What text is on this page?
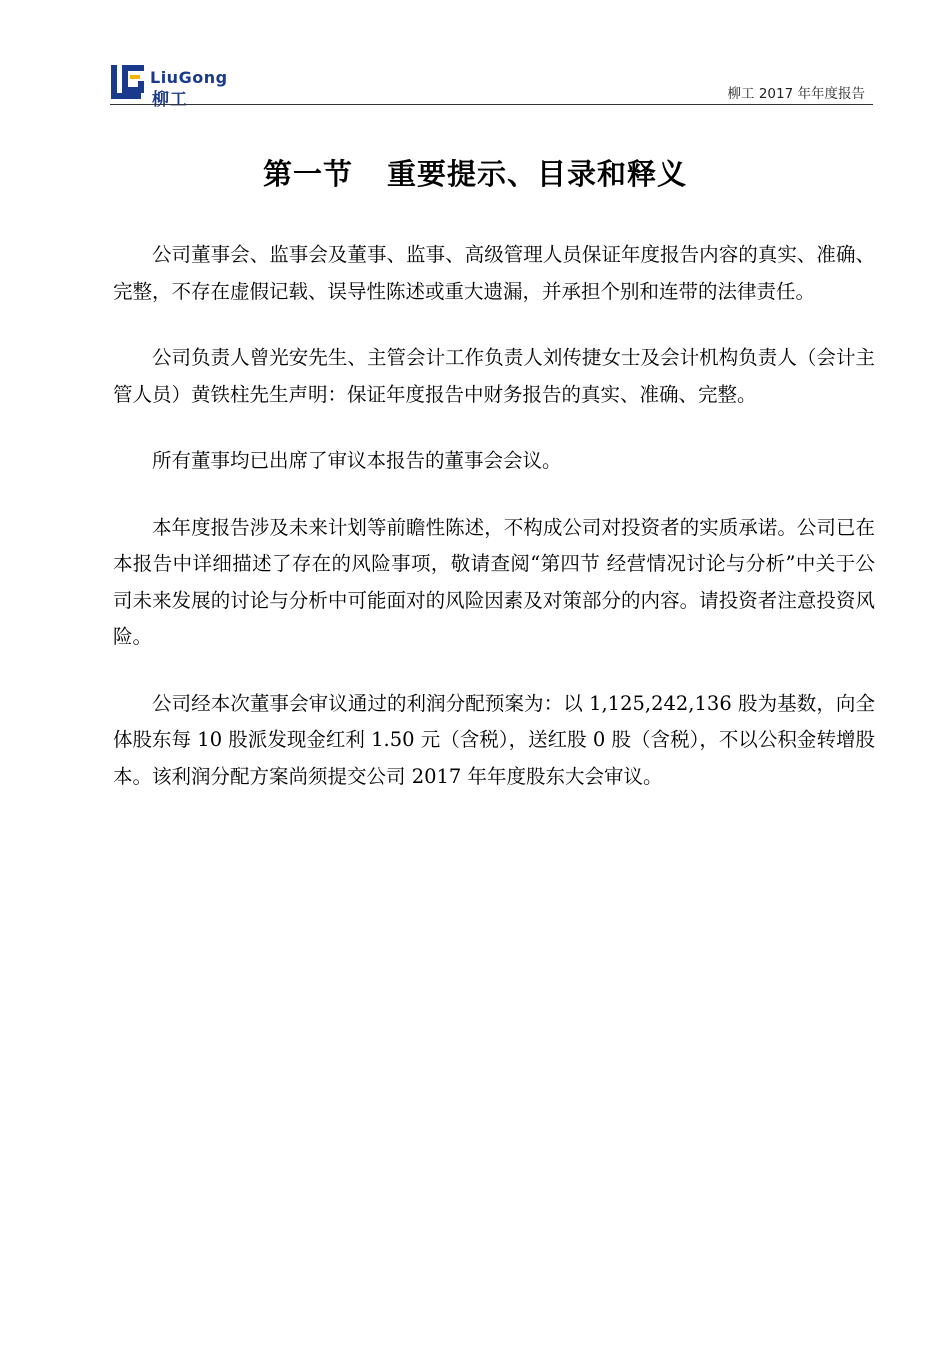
LiuGong
柳工	柳工 2017 年年度报告
第一节 重要提示、目录和释义

公司董事会、监事会及董事、监事、高级管理人员保证年度报告内容的真实、准确、完整，不存在虚假记载、误导性陈述或重大遗漏，并承担个别和连带的法律责任。

公司负责人曾光安先生、主管会计工作负责人刘传捷女士及会计机构负责人（会计主管人员）黄铁柱先生声明：保证年度报告中财务报告的真实、准确、完整。

所有董事均已出席了审议本报告的董事会会议。

本年度报告涉及未来计划等前瞻性陈述，不构成公司对投资者的实质承诺。公司已在本报告中详细描述了存在的风险事项，敬请查阅“第四节 经营情况讨论与分析”中关于公司未来发展的讨论与分析中可能面对的风险因素及对策部分的内容。请投资者注意投资风险。

公司经本次董事会审议通过的利润分配预案为：以 1,125,242,136 股为基数，向全体股东每 10 股派发现金红利 1.50 元（含税），送红股 0 股（含税），不以公积金转增股本。该利润分配方案尚须提交公司 2017 年年度股东大会审议。
